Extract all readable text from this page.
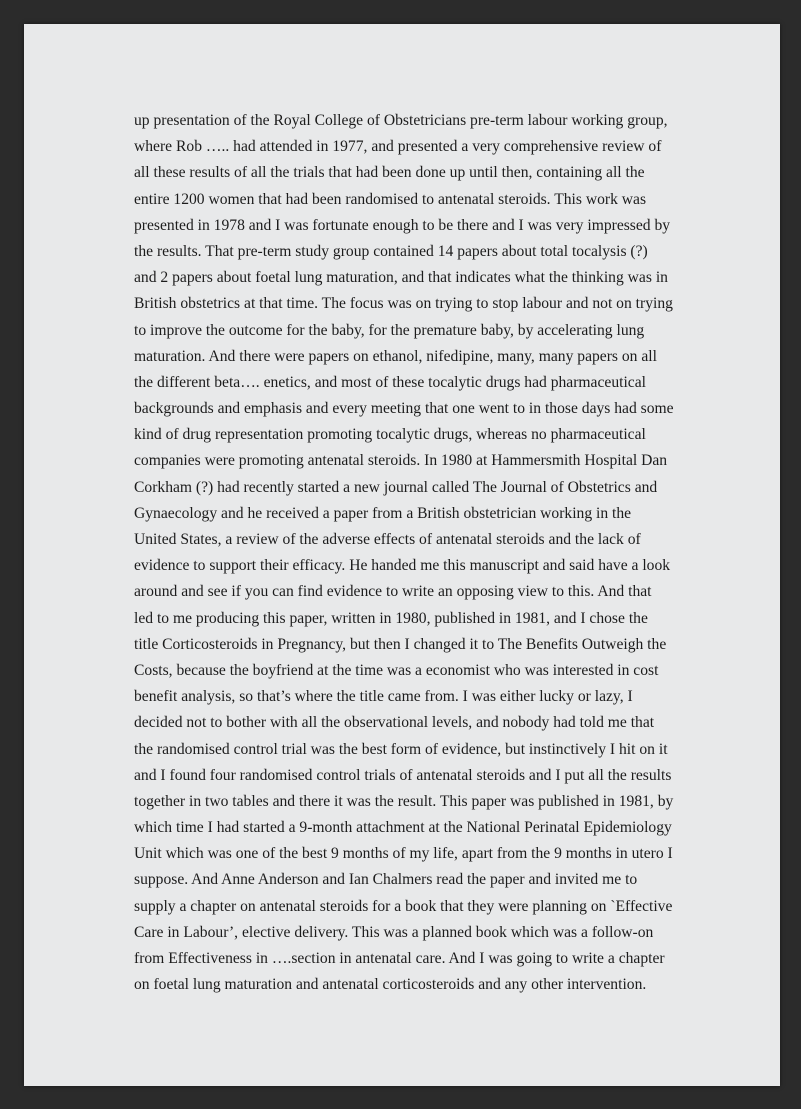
up presentation of the Royal College of Obstetricians pre-term labour working group,
where Rob ….. had attended in 1977, and presented a very comprehensive review of
all these results of all the trials that had been done up until then, containing all the
entire 1200 women that had been randomised to antenatal steroids. This work was
presented in 1978 and I was fortunate enough to be there and I was very impressed by
the results. That pre-term study group contained 14 papers about total tocalysis (?)
and 2 papers about foetal lung maturation, and that indicates what the thinking was in
British obstetrics at that time. The focus was on trying to stop labour and not on trying
to improve the outcome for the baby, for the premature baby, by accelerating lung
maturation. And there were papers on ethanol, nifedipine, many, many papers on all
the different beta…. enetics, and most of these tocalytic drugs had pharmaceutical
backgrounds and emphasis and every meeting that one went to in those days had some
kind of drug representation promoting tocalytic drugs, whereas no pharmaceutical
companies were promoting antenatal steroids. In 1980 at Hammersmith Hospital Dan
Corkham (?) had recently started a new journal called The Journal of Obstetrics and
Gynaecology and he received a paper from a British obstetrician working in the
United States, a review of the adverse effects of antenatal steroids and the lack of
evidence to support their efficacy. He handed me this manuscript and said have a look
around and see if you can find evidence to write an opposing view to this. And that
led to me producing this paper, written in 1980, published in 1981, and I chose the
title Corticosteroids in Pregnancy, but then I changed it to The Benefits Outweigh the
Costs, because the boyfriend at the time was a economist who was interested in cost
benefit analysis, so that’s where the title came from. I was either lucky or lazy, I
decided not to bother with all the observational levels, and nobody had told me that
the randomised control trial was the best form of evidence, but instinctively I hit on it
and I found four randomised control trials of antenatal steroids and I put all the results
together in two tables and there it was the result. This paper was published in 1981, by
which time I had started a 9-month attachment at the National Perinatal Epidemiology
Unit which was one of the best 9 months of my life, apart from the 9 months in utero I
suppose. And Anne Anderson and Ian Chalmers read the paper and invited me to
supply a chapter on antenatal steroids for a book that they were planning on `Effective
Care in Labour’, elective delivery. This was a planned book which was a follow-on
from Effectiveness in ….section in antenatal care. And I was going to write a chapter
on foetal lung maturation and antenatal corticosteroids and any other intervention.
